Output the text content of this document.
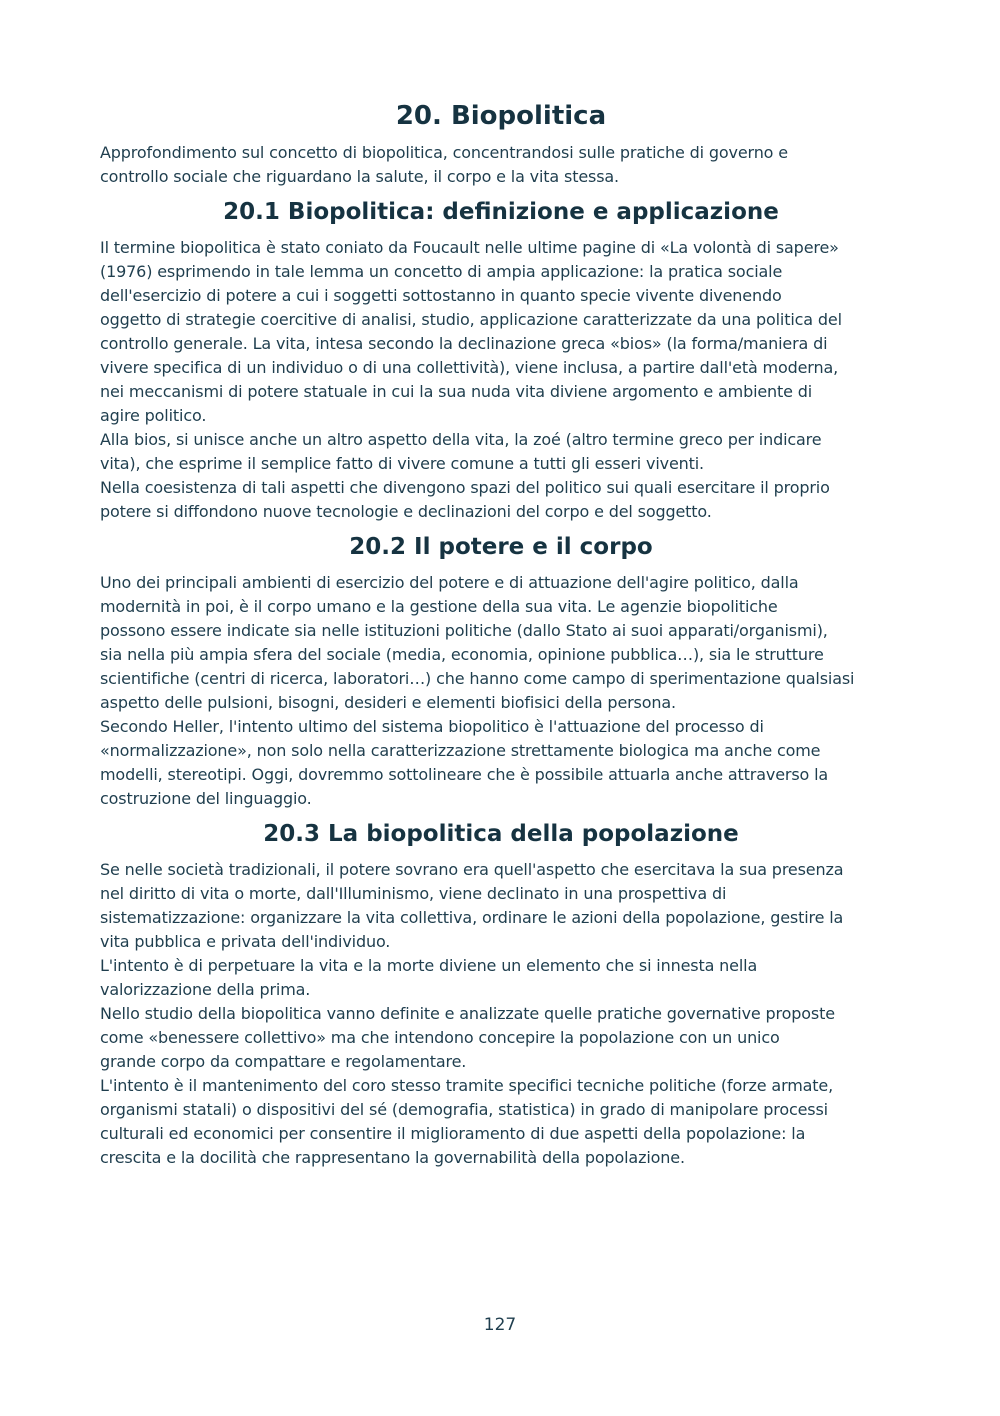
20. Biopolitica

Approfondimento sul concetto di biopolitica, concentrandosi sulle pratiche di governo e

controllo sociale che riguardano la salute, il corpo e la vita stessa.

20.1 Biopolitica: definizione e applicazione

Il termine biopolitica è stato coniato da Foucault nelle ultime pagine di «La volontà di sapere»

(1976) esprimendo in tale lemma un concetto di ampia applicazione: la pratica sociale

dell'esercizio di potere a cui i soggetti sottostanno in quanto specie vivente divenendo

oggetto di strategie coercitive di analisi, studio, applicazione caratterizzate da una politica del

controllo generale. La vita, intesa secondo la declinazione greca «bios» (la forma/maniera di

vivere specifica di un individuo o di una collettività), viene inclusa, a partire dall'età moderna,

nei meccanismi di potere statuale in cui la sua nuda vita diviene argomento e ambiente di

agire politico.

Alla bios, si unisce anche un altro aspetto della vita, la zoé (altro termine greco per indicare

vita), che esprime il semplice fatto di vivere comune a tutti gli esseri viventi.

Nella coesistenza di tali aspetti che divengono spazi del politico sui quali esercitare il proprio

potere si diffondono nuove tecnologie e declinazioni del corpo e del soggetto.

20.2 Il potere e il corpo

Uno dei principali ambienti di esercizio del potere e di attuazione dell'agire politico, dalla

modernità in poi, è il corpo umano e la gestione della sua vita. Le agenzie biopolitiche

possono essere indicate sia nelle istituzioni politiche (dallo Stato ai suoi apparati/organismi),

sia nella più ampia sfera del sociale (media, economia, opinione pubblica…), sia le strutture

scientifiche (centri di ricerca, laboratori…) che hanno come campo di sperimentazione qualsiasi

aspetto delle pulsioni, bisogni, desideri e elementi biofisici della persona.

Secondo Heller, l'intento ultimo del sistema biopolitico è l'attuazione del processo di

«normalizzazione», non solo nella caratterizzazione strettamente biologica ma anche come

modelli, stereotipi. Oggi, dovremmo sottolineare che è possibile attuarla anche attraverso la

costruzione del linguaggio.

20.3 La biopolitica della popolazione

Se nelle società tradizionali, il potere sovrano era quell'aspetto che esercitava la sua presenza

nel diritto di vita o morte, dall'Illuminismo, viene declinato in una prospettiva di

sistematizzazione: organizzare la vita collettiva, ordinare le azioni della popolazione, gestire la

vita pubblica e privata dell'individuo.

L'intento è di perpetuare la vita e la morte diviene un elemento che si innesta nella

valorizzazione della prima.

Nello studio della biopolitica vanno definite e analizzate quelle pratiche governative proposte

come «benessere collettivo» ma che intendono concepire la popolazione con un unico

grande corpo da compattare e regolamentare.

L'intento è il mantenimento del coro stesso tramite specifici tecniche politiche (forze armate,

organismi statali) o dispositivi del sé (demografia, statistica) in grado di manipolare processi

culturali ed economici per consentire il miglioramento di due aspetti della popolazione: la

crescita e la docilità che rappresentano la governabilità della popolazione.

127
